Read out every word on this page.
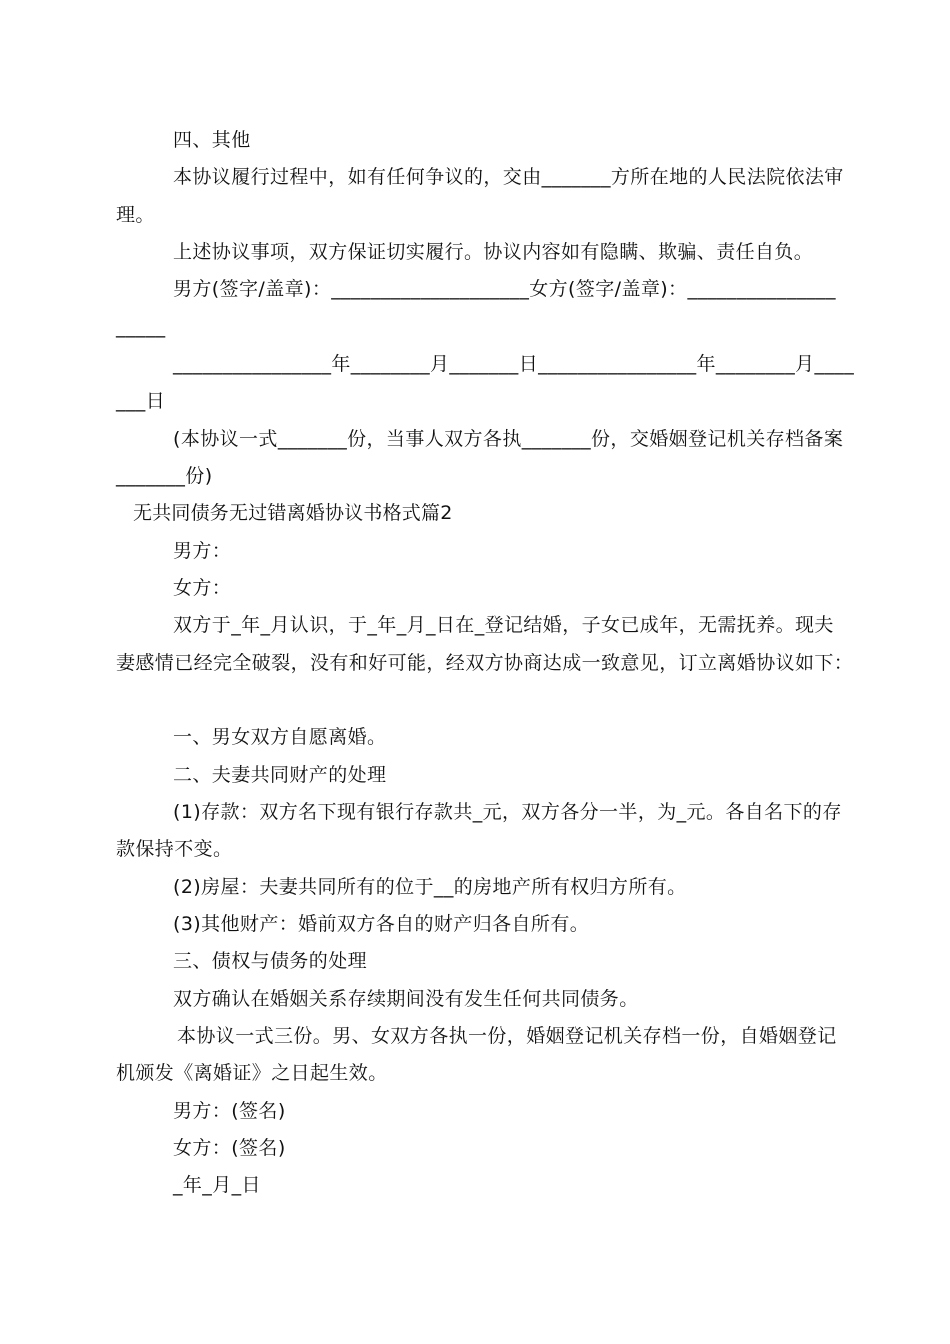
四、其他
本协议履行过程中，如有任何争议的，交由_______方所在地的人民法院依法审
理。
上述协议事项，双方保证切实履行。协议内容如有隐瞒、欺骗、责任自负。
男方(签字/盖章)：____________________女方(签字/盖章)：_______________
_____
________________年________月_______日________________年________月____
___日
(本协议一式_______份，当事人双方各执_______份，交婚姻登记机关存档备案
_______份)
无共同债务无过错离婚协议书格式篇2
男方：
女方：
双方于_年_月认识，于_年_月_日在_登记结婚，子女已成年，无需抚养。现夫
妻感情已经完全破裂，没有和好可能，经双方协商达成一致意见，订立离婚协议如下：
一、男女双方自愿离婚。
二、夫妻共同财产的处理
(1)存款：双方名下现有银行存款共_元，双方各分一半，为_元。各自名下的存
款保持不变。
(2)房屋：夫妻共同所有的位于__的房地产所有权归方所有。
(3)其他财产：婚前双方各自的财产归各自所有。
三、债权与债务的处理
双方确认在婚姻关系存续期间没有发生任何共同债务。
本协议一式三份。男、女双方各执一份，婚姻登记机关存档一份，自婚姻登记
机颁发《离婚证》之日起生效。
男方：(签名)
女方：(签名)
_年_月_日
